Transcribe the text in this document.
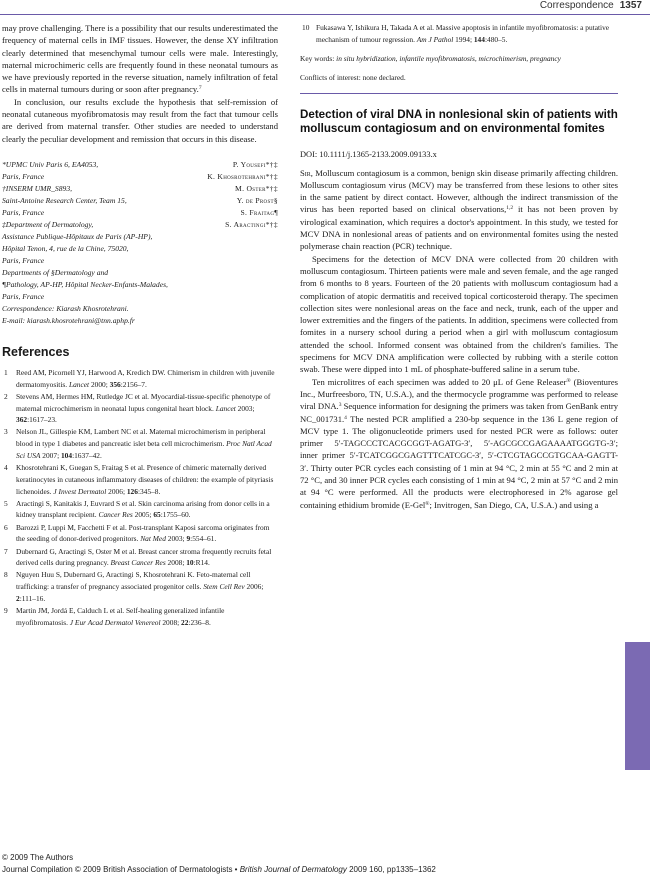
Correspondence 1357

may prove challenging. There is a possibility that our results underestimated the frequency of maternal cells in IMF tissues. However, the dense XY infiltration clearly determined that mesenchymal tumour cells were male. Interestingly, maternal microchimeric cells are frequently found in these neonatal tumours as we have previously reported in the reverse situation, namely infiltration of fetal cells in maternal tumours during or soon after pregnancy.$^7$

In conclusion, our results exclude the hypothesis that self-remission of neonatal cutaneous myofibromatosis may result from the fact that tumour cells are derived from maternal transfer. Other studies are needed to understand clearly the peculiar development and remission that occurs in this disease.

*UPMC Univ Paris 6, EA4053,	P. Yousefi*†‡
Paris, France	K. Khosrotehrani*†‡
†INSERM UMR_S893,	M. Oster*†‡
Saint-Antoine Research Center, Team 15,	Y. de Prost§
Paris, France	S. Fraitag¶
‡Department of Dermatology,	S. Aractingi*†‡
Assistance Publique-Hôpitaux de Paris (AP-HP),
Hôpital Tenon, 4, rue de la Chine, 75020,
Paris, France
Departments of §Dermatology and
¶Pathology, AP-HP, Hôpital Necker-Enfants-Malades,
Paris, France
Correspondence: Kiarash Khosrotehrani.
E-mail: kiarash.khosrotehrani@tnn.aphp.fr
References
1 Reed AM, Picornell YJ, Harwood A, Kredich DW. Chimerism in children with juvenile dermatomyositis. Lancet 2000; 356:2156–7.
2 Stevens AM, Hermes HM, Rutledge JC et al. Myocardial-tissue-specific phenotype of maternal microchimerism in neonatal lupus congenital heart block. Lancet 2003; 362:1617–23.
3 Nelson JL, Gillespie KM, Lambert NC et al. Maternal microchimerism in peripheral blood in type 1 diabetes and pancreatic islet beta cell microchimerism. Proc Natl Acad Sci USA 2007; 104:1637–42.
4 Khosrotehrani K, Guegan S, Fraitag S et al. Presence of chimeric maternally derived keratinocytes in cutaneous inflammatory diseases of children: the example of pityriasis lichenoides. J Invest Dermatol 2006; 126:345–8.
5 Aractingi S, Kanitakis J, Euvrard S et al. Skin carcinoma arising from donor cells in a kidney transplant recipient. Cancer Res 2005; 65:1755–60.
6 Barozzi P, Luppi M, Facchetti F et al. Post-transplant Kaposi sarcoma originates from the seeding of donor-derived progenitors. Nat Med 2003; 9:554–61.
7 Dubernard G, Aractingi S, Oster M et al. Breast cancer stroma frequently recruits fetal derived cells during pregnancy. Breast Cancer Res 2008; 10:R14.
8 Nguyen Huu S, Dubernard G, Aractingi S, Khosrotehrani K. Feto-maternal cell trafficking: a transfer of pregnancy associated progenitor cells. Stem Cell Rev 2006; 2:111–16.
9 Martin JM, Jordá E, Calduch L et al. Self-healing generalized infantile myofibromatosis. J Eur Acad Dermatol Venereol 2008; 22:236–8.
10 Fukasawa Y, Ishikura H, Takada A et al. Massive apoptosis in infantile myofibromatosis: a putative mechanism of tumour regression. Am J Pathol 1994; 144:480–5.
Key words: in situ hybridization, infantile myofibromatosis, microchimerism, pregnancy
Conflicts of interest: none declared.
Detection of viral DNA in nonlesional skin of patients with molluscum contagiosum and on environmental fomites
DOI: 10.1111/j.1365-2133.2009.09133.x

Sir, Molluscum contagiosum is a common, benign skin disease primarily affecting children. Molluscum contagiosum virus (MCV) may be transferred from these lesions to other sites in the same patient by direct contact. However, although the indirect transmission of the virus has been reported based on clinical observations,$^{1,2}$ it has not been proven by virological examination, which requires a doctor's appointment. In this study, we tested for MCV DNA in nonlesional areas of patients and on environmental fomites using the nested polymerase chain reaction (PCR) technique.

Specimens for the detection of MCV DNA were collected from 20 children with molluscum contagiosum. Thirteen patients were male and seven female, and the age ranged from 6 months to 8 years. Fourteen of the 20 patients with molluscum contagiosum had a complication of atopic dermatitis and received topical corticosteroid therapy. The specimen collection sites were nonlesional areas on the face and neck, trunk, each of the upper and lower extremities and the fingers of the patients. In addition, specimens were collected from fomites in a nursery school during a period when a girl with molluscum contagiosum attended the school. Informed consent was obtained from the children's families. The specimens for MCV DNA amplification were collected by rubbing with a sterile cotton swab. These were dipped into 1 mL of phosphate-buffered saline in a serum tube.

Ten microlitres of each specimen was added to 20 μL of Gene Releaser® (Bioventures Inc., Murfreesboro, TN, U.S.A.), and the thermocycle programme was performed to release viral DNA.$^3$ Sequence information for designing the primers was taken from GenBank entry NC_001731.$^4$ The nested PCR amplified a 230-bp sequence in the 136 L gene region of MCV type 1. The oligonucleotide primers used for nested PCR were as follows: outer primer 5′-TAGCCCTCACGCGGT-AGATG-3′, 5′-AGCGCCGAGAAAATGGGTG-3′; inner primer 5′-TCATCGGCGAGTTTCATCGC-3′, 5′-CTCGTAGCCGTGCAA-GAGTT-3′. Thirty outer PCR cycles each consisting of 1 min at 94 °C, 2 min at 55 °C and 2 min at 72 °C, and 30 inner PCR cycles each consisting of 1 min at 94 °C, 2 min at 57 °C and 2 min at 94 °C were performed. All the products were electrophoresed in 2% agarose gel containing ethidium bromide (E-Gel®; Invitrogen, San Diego, CA, U.S.A.) and using a

© 2009 The Authors
Journal Compilation © 2009 British Association of Dermatologists • British Journal of Dermatology 2009 160, pp1335–1362
